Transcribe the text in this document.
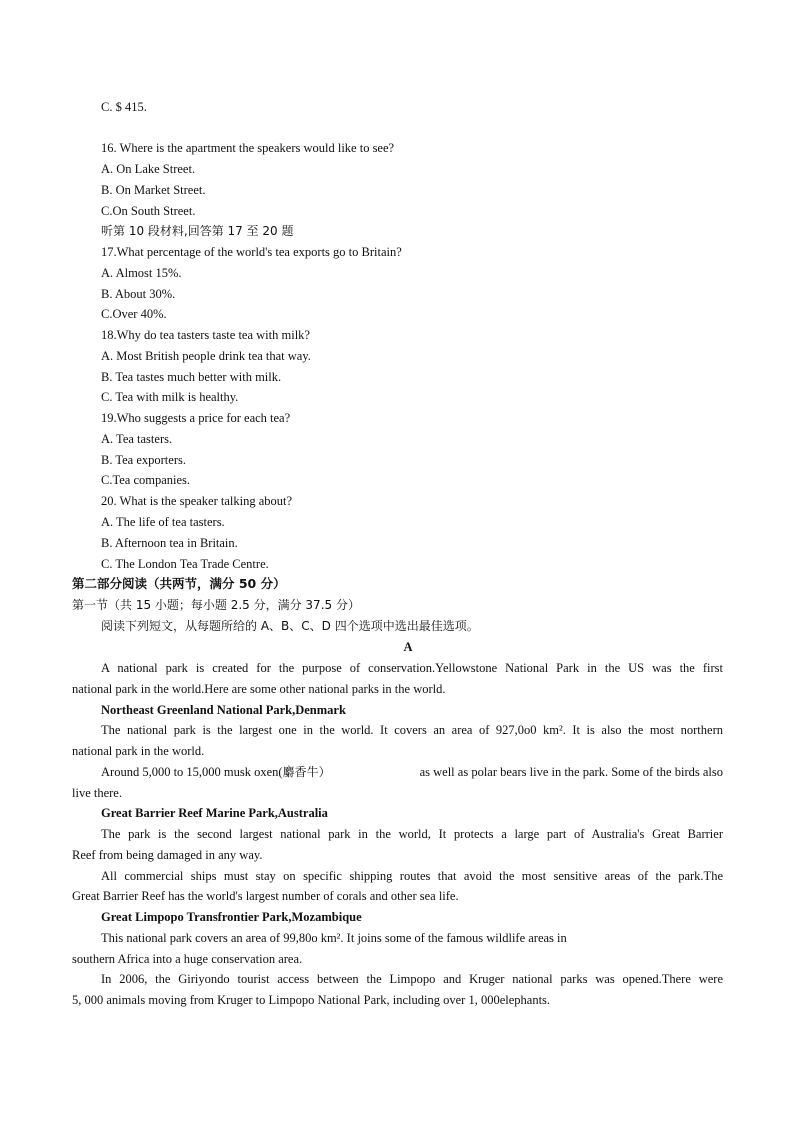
C. $ 415.

16. Where is the apartment the speakers would like to see?

A. On Lake Street.

B. On Market Street.

C.On South Street.

听第 10 段材料,回答第 17 至 20 题

17.What percentage of the world's tea exports go to Britain?

A. Almost 15%.

B. About 30%.

C.Over 40%.

18.Why do tea tasters taste tea with milk?

A. Most British people drink tea that way.

B. Tea tastes much better with milk.

C. Tea with milk is healthy.

19.Who suggests a price for each tea?

A. Tea tasters.

B. Tea exporters.

C.Tea companies.

20. What is the speaker talking about?

A. The life of tea tasters.

B. Afternoon tea in Britain.

C. The London Tea Trade Centre.

第二部分阅读（共两节，满分 50 分）

第一节（共 15 小题；每小题 2.5 分，满分 37.5 分）

阅读下列短文，从每题所给的 A、B、C、D 四个选项中选出最佳选项。

A

A national park is created for the purpose of conservation.Yellowstone National Park in the US was the first

national park in the world.Here are some other national parks in the world.

Northeast Greenland National Park,Denmark

The national park is the largest one in the world. It covers an area of 927,0o0 km². It is also the most northern

national park in the world.

Around 5,000 to 15,000 musk oxen(麝香牛）	as well as polar bears live in the park. Some of the birds also

live there.

Great Barrier Reef Marine Park,Australia

The park is the second largest national park in the world, It protects a large part of Australia's Great Barrier

Reef from being damaged in any way.

All commercial ships must stay on specific shipping routes that avoid the most sensitive areas of the park.The

Great Barrier Reef has the world's largest number of corals and other sea life.

Great Limpopo Transfrontier Park,Mozambique

This national park covers an area of 99,80o km². It joins some of the famous wildlife areas in

southern Africa into a huge conservation area.

In 2006, the Giriyondo tourist access between the Limpopo and Kruger national parks was opened.There were

5, 000 animals moving from Kruger to Limpopo National Park, including over 1, 000elephants.
